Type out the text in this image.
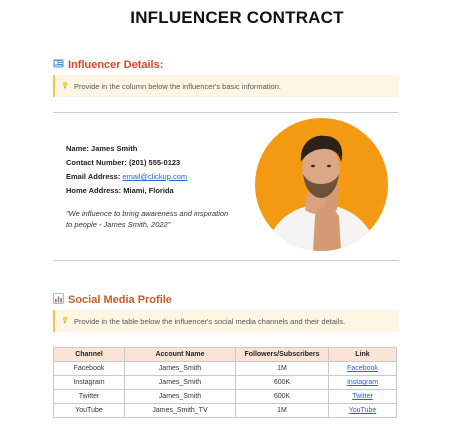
INFLUENCER CONTRACT
Influencer Details:
Provide in the column below the influencer's basic information.
Name: James Smith
Contact Number: (201) 555-0123
Email Address: email@clickup.com
Home Address: Miami, Florida
"We influence to bring awareness and inspiration
to people - James Smith, 2022"
Social Media Profile
Provide in the table below the influencer's social media channels and their details.
Channel	Account Name	Followers/Subscribers	Link
Facebook	James_Smith	1M	Facebook
Instagram	James_Smith	600K	Instagram
Twitter	James_Smith	600K	Twitter
YouTube	James_Smith_TV	1M	YouTube
